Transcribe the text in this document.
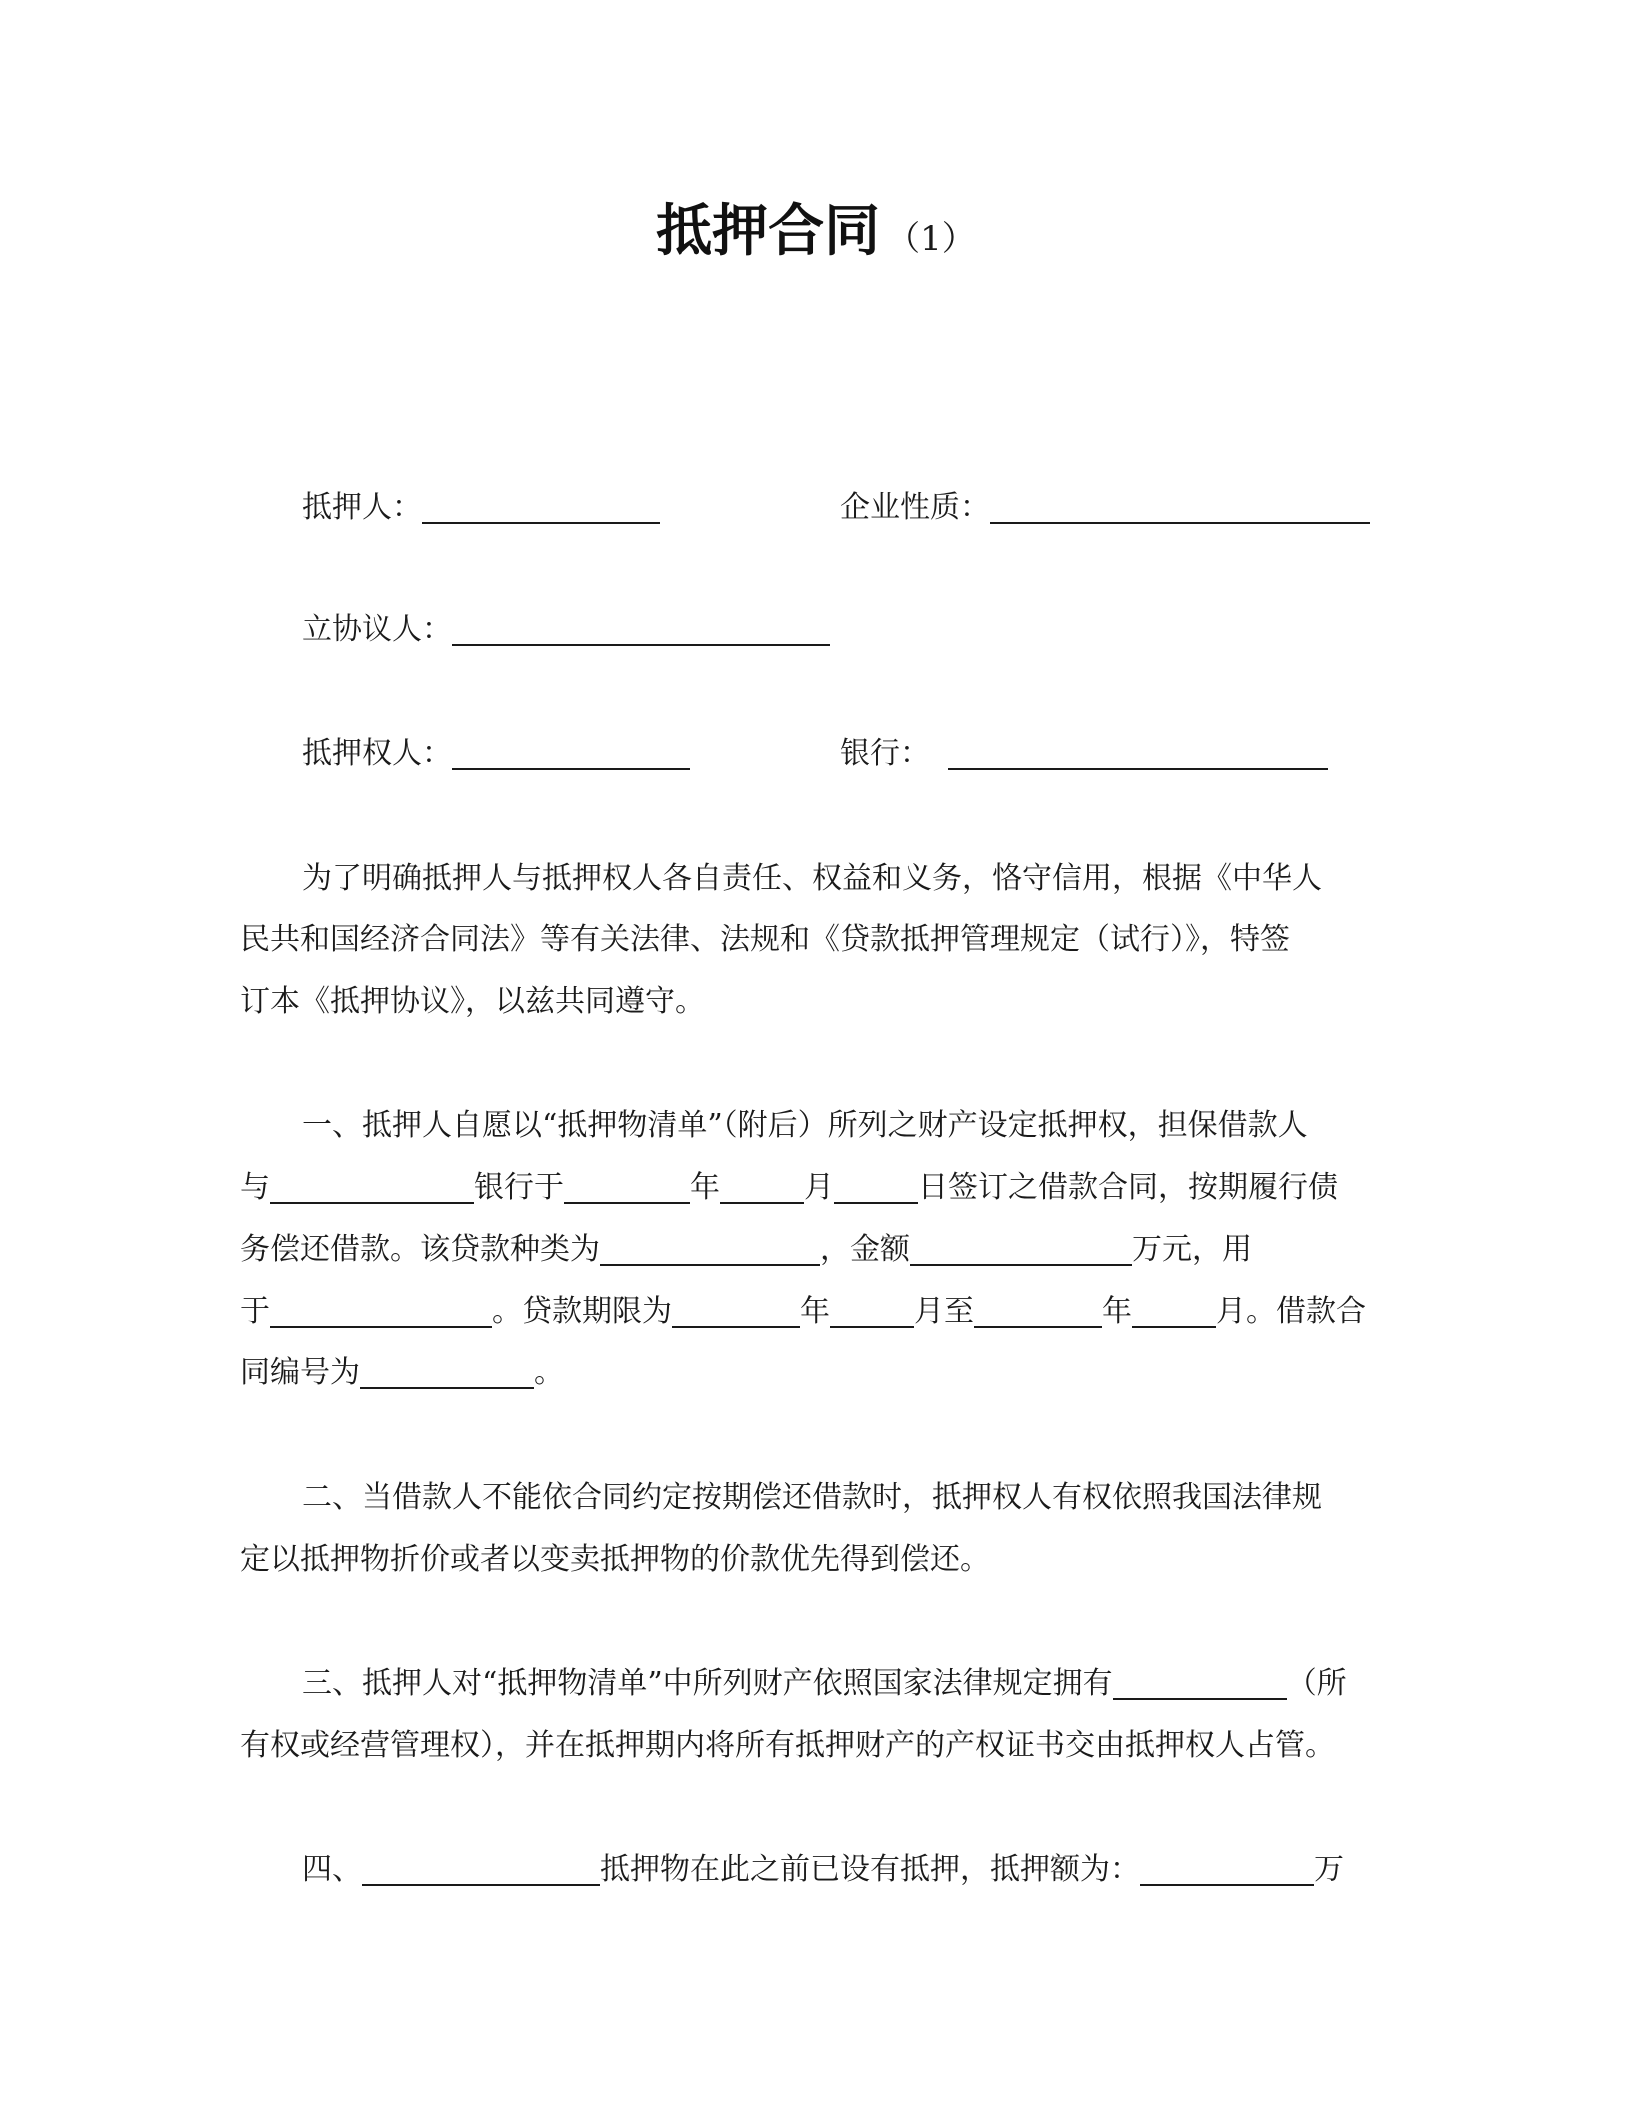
抵押合同 （1）
抵押人：	企业性质：
立协议人：
抵押权人：	银行：
为了明确抵押人与抵押权人各自责任、权益和义务，恪守信用，根据《中华人
民共和国经济合同法》等有关法律、法规和《贷款抵押管理规定（试行）》，特签
订本《抵押协议》，以兹共同遵守。
一、抵押人自愿以“抵押物清单”（附后）所列之财产设定抵押权，担保借款人
与	银行于	年	月	日签订之借款合同，按期履行债
务偿还借款。该贷款种类为	，金额	万元，用
于	。贷款期限为	年	月至	年	月。借款合
同编号为	。
二、当借款人不能依合同约定按期偿还借款时，抵押权人有权依照我国法律规
定以抵押物折价或者以变卖抵押物的价款优先得到偿还。
三、抵押人对“抵押物清单”中所列财产依照国家法律规定拥有	（所
有权或经营管理权），并在抵押期内将所有抵押财产的产权证书交由抵押权人占管。
四、	抵押物在此之前已设有抵押，抵押额为：	万
